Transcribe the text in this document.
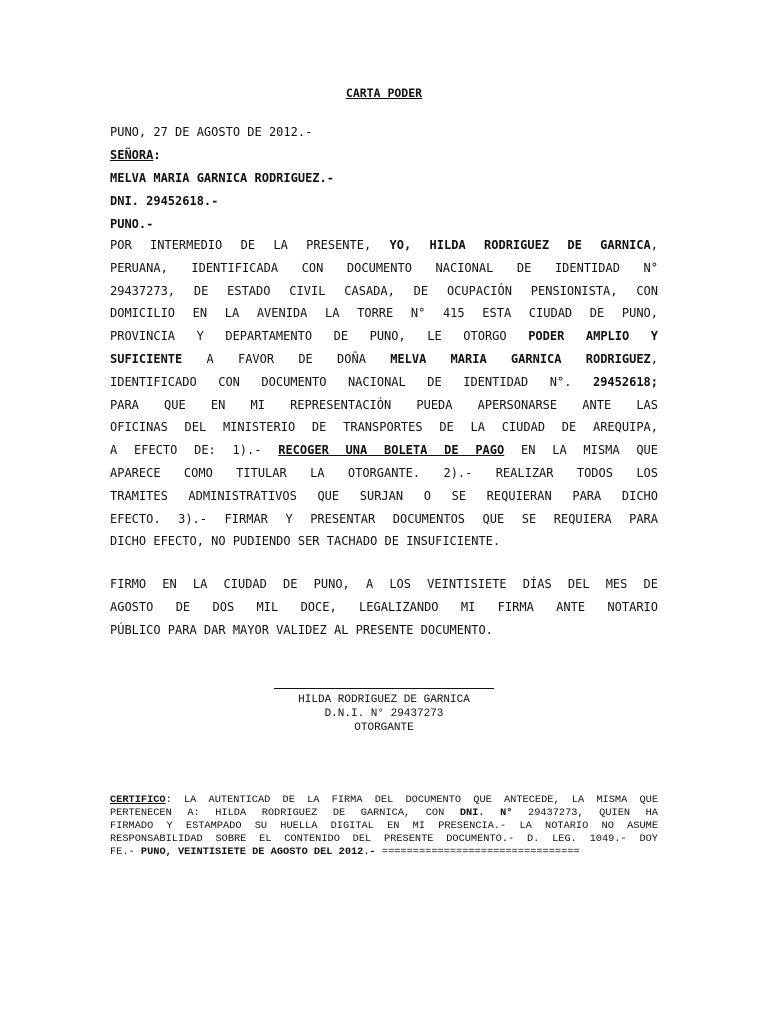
CARTA PODER
PUNO, 27 DE AGOSTO DE 2012.-
SEÑORA:
MELVA MARIA GARNICA RODRIGUEZ.-
DNI. 29452618.-
PUNO.-
POR INTERMEDIO DE LA PRESENTE, YO, HILDA RODRIGUEZ DE GARNICA,
PERUANA, IDENTIFICADA CON DOCUMENTO NACIONAL DE IDENTIDAD N°
29437273, DE ESTADO CIVIL CASADA, DE OCUPACIÓN PENSIONISTA, CON
DOMICILIO EN LA AVENIDA LA TORRE N° 415 ESTA CIUDAD DE PUNO,
PROVINCIA Y DEPARTAMENTO DE PUNO, LE OTORGO PODER AMPLIO Y
SUFICIENTE A FAVOR DE DOÑA MELVA MARIA GARNICA RODRIGUEZ,
IDENTIFICADO CON DOCUMENTO NACIONAL DE IDENTIDAD N°. 29452618;
PARA QUE EN MI REPRESENTACIÓN PUEDA APERSONARSE ANTE LAS
OFICINAS DEL MINISTERIO DE TRANSPORTES DE LA CIUDAD DE AREQUIPA,
A EFECTO DE: 1).- RECOGER UNA BOLETA DE PAGO EN LA MISMA QUE
APARECE COMO TITULAR LA OTORGANTE. 2).- REALIZAR TODOS LOS
TRAMITES ADMINISTRATIVOS QUE SURJAN O SE REQUIERAN PARA DICHO
EFECTO. 3).- FIRMAR Y PRESENTAR DOCUMENTOS QUE SE REQUIERA PARA
DICHO EFECTO, NO PUDIENDO SER TACHADO DE INSUFICIENTE.
FIRMO EN LA CIUDAD DE PUNO, A LOS VEINTISIETE DÍAS DEL MES DE
AGOSTO DE DOS MIL DOCE, LEGALIZANDO MI FIRMA ANTE NOTARIO
PÚBLICO PARA DAR MAYOR VALIDEZ AL PRESENTE DOCUMENTO.
HILDA RODRIGUEZ DE GARNICA
D.N.I. N° 29437273
OTORGANTE
CERTIFICO: LA AUTENTICAD DE LA FIRMA DEL DOCUMENTO QUE ANTECEDE, LA MISMA QUE
PERTENECEN A: HILDA RODRIGUEZ DE GARNICA, CON DNI. N° 29437273, QUIEN HA
FIRMADO Y ESTAMPADO SU HUELLA DIGITAL EN MI PRESENCIA.- LA NOTARIO NO ASUME
RESPONSABILIDAD SOBRE EL CONTENIDO DEL PRESENTE DOCUMENTO.- D. LEG. 1049.- DOY
FE.- PUNO, VEINTISIETE DE AGOSTO DEL 2012.- ================================
